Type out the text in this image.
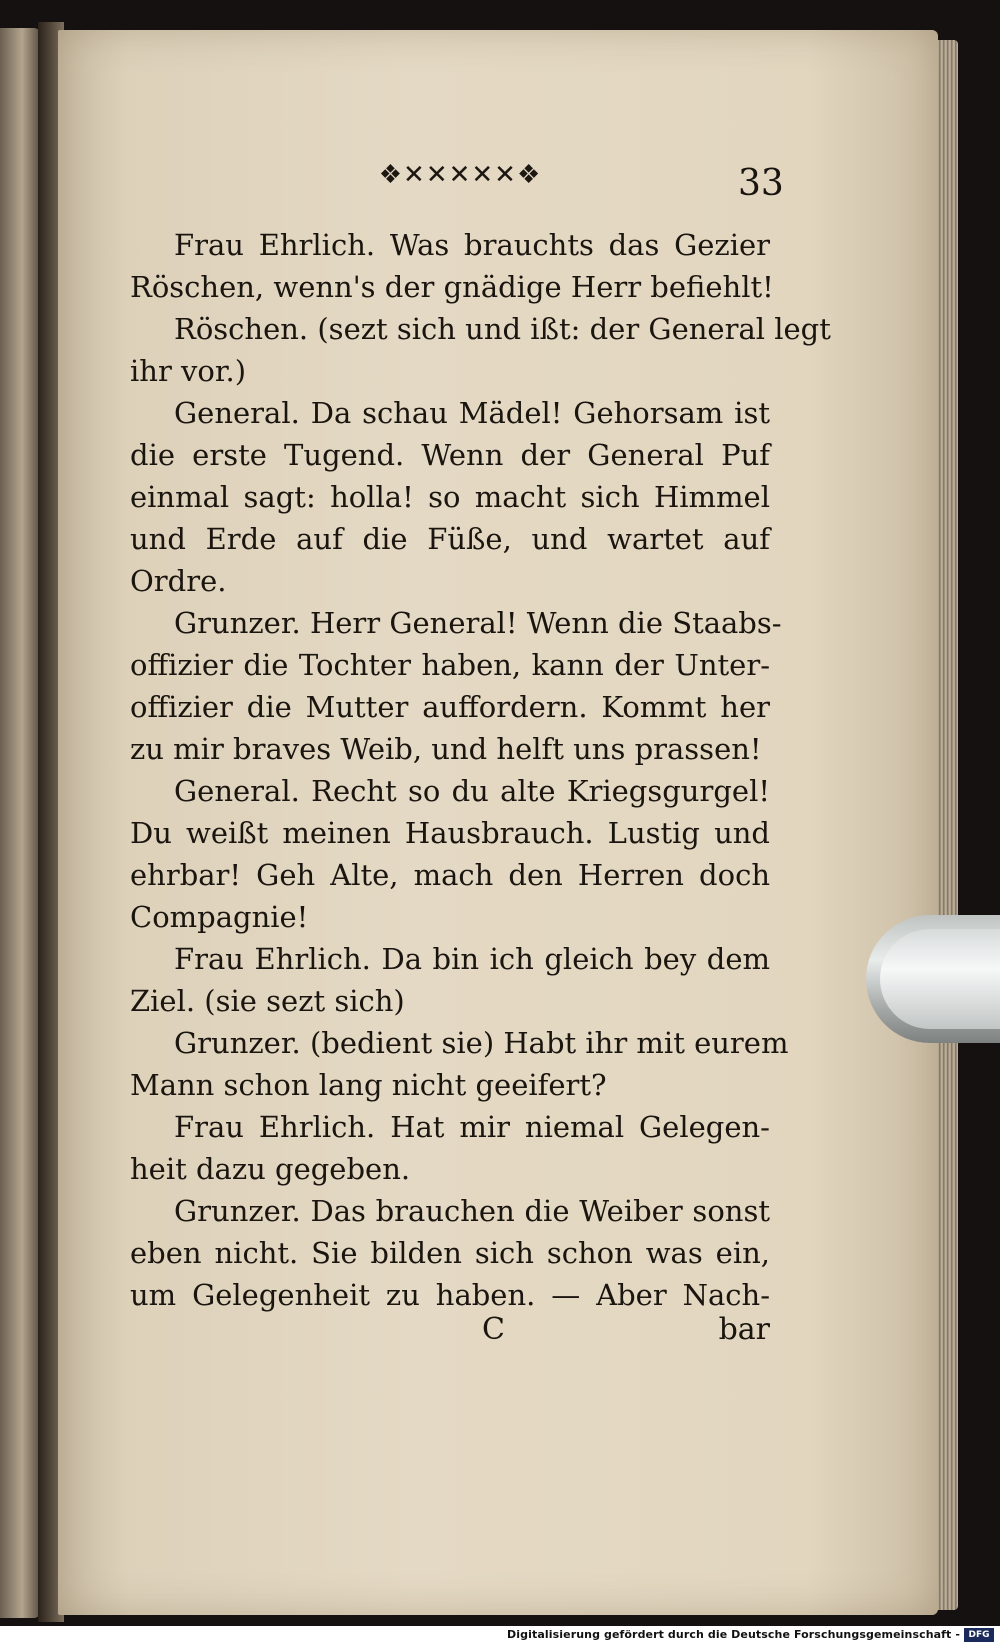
❖✕✕✕✕✕❖	33
Frau Ehrlich. Was brauchts das Gezier
Röschen, wenn's der gnädige Herr befiehlt!
Röschen. (sezt sich und ißt: der General legt
ihr vor.)
General. Da schau Mädel! Gehorsam ist
die erste Tugend. Wenn der General Puf
einmal sagt: holla! so macht sich Himmel
und Erde auf die Füße, und wartet auf
Ordre.
Grunzer. Herr General! Wenn die Staabs-
offizier die Tochter haben, kann der Unter-
offizier die Mutter auffordern. Kommt her
zu mir braves Weib, und helft uns prassen!
General. Recht so du alte Kriegsgurgel!
Du weißt meinen Hausbrauch. Lustig und
ehrbar! Geh Alte, mach den Herren doch
Compagnie!
Frau Ehrlich. Da bin ich gleich bey dem
Ziel. (sie sezt sich)
Grunzer. (bedient sie) Habt ihr mit eurem
Mann schon lang nicht geeifert?
Frau Ehrlich. Hat mir niemal Gelegen-
heit dazu gegeben.
Grunzer. Das brauchen die Weiber sonst
eben nicht. Sie bilden sich schon was ein,
um Gelegenheit zu haben. — Aber Nach-
C	bar
Digitalisierung gefördert durch die Deutsche Forschungsgemeinschaft - DFG
